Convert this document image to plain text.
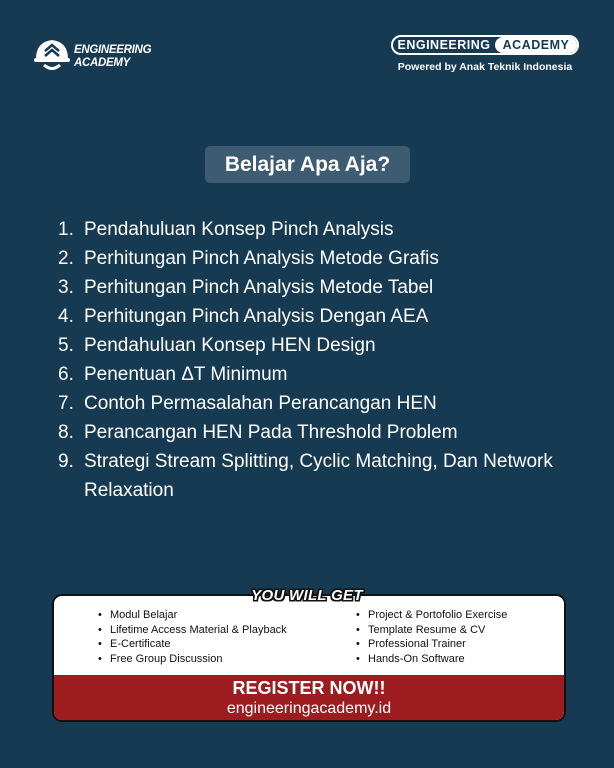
ENGINEERING
ACADEMY
ENGINEERING ACADEMY
Powered by Anak Teknik Indonesia
Belajar Apa Aja?
1. Pendahuluan Konsep Pinch Analysis
2. Perhitungan Pinch Analysis Metode Grafis
3. Perhitungan Pinch Analysis Metode Tabel
4. Perhitungan Pinch Analysis Dengan AEA
5. Pendahuluan Konsep HEN Design
6. Penentuan ΔT Minimum
7. Contoh Permasalahan Perancangan HEN
8. Perancangan HEN Pada Threshold Problem
9. Strategi Stream Splitting, Cyclic Matching, Dan Network Relaxation
• Modul Belajar
• Lifetime Access Material & Playback
• E-Certificate
• Free Group Discussion
• Project & Portofolio Exercise
• Template Resume & CV
• Professional Trainer
• Hands-On Software
REGISTER NOW!!
engineeringacademy.id
YOU WILL GET
